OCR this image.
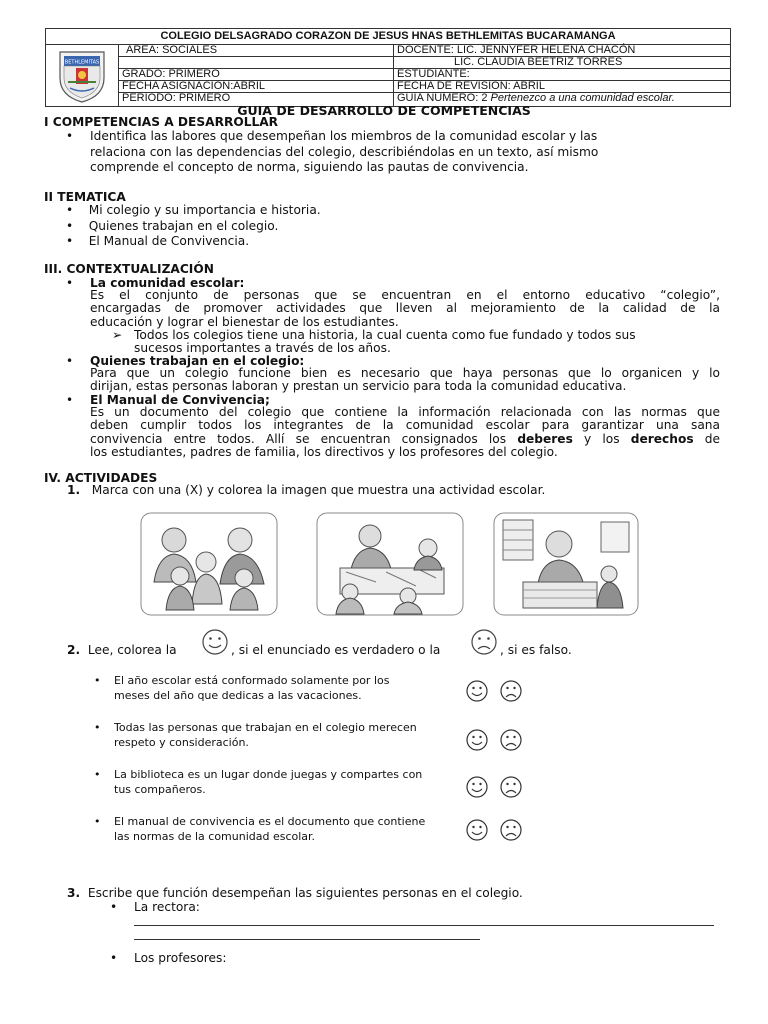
COLEGIO DELSAGRADO CORAZON DE JESUS HNAS BETHLEMITAS BUCARAMANGA
BETHLEMITAS
AREA: SOCIALES	DOCENTE: LIC. JENNYFER HELENA CHACÓN
LIC. CLAUDIA BEETRIZ TORRES
GRADO: PRIMERO	ESTUDIANTE:
FECHA ASIGNACION:ABRIL	FECHA DE REVISION: ABRIL
PERIODO: PRIMERO	GUIA NUMERO: 2 Pertenezco a una comunidad escolar.
GUIA DE DESARROLLO DE COMPETENCIAS
I COMPETENCIAS A DESARROLLAR
• Identifica las labores que desempeñan los miembros de la comunidad escolar y las
relaciona con las dependencias del colegio, describiéndolas en un texto, así mismo
comprende el concepto de norma, siguiendo las pautas de convivencia.
II TEMATICA
•    Mi colegio y su importancia e historia.
•    Quienes trabajan en el colegio.
•    El Manual de Convivencia.
III. CONTEXTUALIZACIÓN
• La comunidad escolar:
Es el conjunto de personas que se encuentran en el entorno educativo “colegio”,
encargadas de promover actividades que lleven al mejoramiento de la calidad de la
educación y lograr el bienestar de los estudiantes.
➢ Todos los colegios tiene una historia, la cual cuenta como fue fundado y todos sus
sucesos importantes a través de los años.
• Quienes trabajan en el colegio:
Para que un colegio funcione bien es necesario que haya personas que lo organicen y lo
dirijan, estas personas laboran y prestan un servicio para toda la comunidad educativa.
• El Manual de Convivencia;
Es un documento del colegio que contiene la información relacionada con las normas que
deben cumplir todos los integrantes de la comunidad escolar para garantizar una sana
convivencia entre todos. Allí se encuentran consignados los deberes y los derechos de
los estudiantes, padres de familia, los directivos y los profesores del colegio.
IV. ACTIVIDADES
1. Marca con una (X) y colorea la imagen que muestra una actividad escolar.
2. Lee, colorea la	, si el enunciado es verdadero o la	, si es falso.
• El año escolar está conformado solamente por los
meses del año que dedicas a las vacaciones.
• Todas las personas que trabajan en el colegio merecen
respeto y consideración.
• La biblioteca es un lugar donde juegas y compartes con
tus compañeros.
• El manual de convivencia es el documento que contiene
las normas de la comunidad escolar.
3. Escribe que función desempeñan las siguientes personas en el colegio.
• La rectora:
• Los profesores:
